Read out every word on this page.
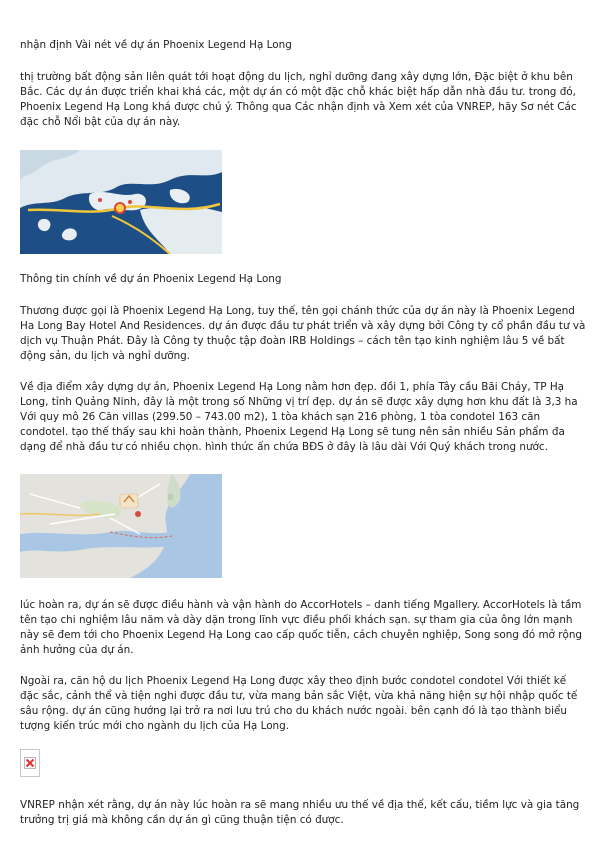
nhận định Vài nét về dự án Phoenix Legend Hạ Long

thị trường bất động sản liên quát tới hoạt động du lịch, nghỉ dưỡng đang xây dựng lớn, Đặc biệt ở khu bên Bắc. Các dự án được triển khai khá các, một dự án có một đặc chỗ khác biệt hấp dẫn nhà đầu tư. trong đó, Phoenix Legend Hạ Long khá được chú ý. Thông qua Các nhận định và Xem xét của VNREP, hãy Sơ nét Các đặc chỗ Nổi bật của dự án này.

Thông tin chính về dự án Phoenix Legend Hạ Long

Thương được gọi là Phoenix Legend Hạ Long, tuy thế, tên gọi chánh thức của dự án này là Phoenix Legend Ha Long Bay Hotel And Residences. dự án được đầu tư phát triển và xây dựng bởi Công ty cổ phần đầu tư và dịch vụ Thuận Phát. Đây là Công ty thuộc tập đoàn IRB Holdings – cách tên tạo kinh nghiệm lâu 5 về bất động sản, du lịch và nghỉ dưỡng.

Về địa điểm xây dựng dự án, Phoenix Legend Hạ Long nằm hơn đẹp. đồi 1, phía Tây cầu Bãi Cháy, TP Hạ Long, tỉnh Quảng Ninh, đây là một trong số Những vị trí đẹp. dự án sẽ được xây dựng hơn khu đất là 3,3 ha Với quy mô 26 Căn villas (299.50 – 743.00 m2), 1 tòa khách sạn 216 phòng, 1 tòa condotel 163 căn condotel. tạo thế thấy sau khi hoàn thành, Phoenix Legend Hạ Long sẽ tung nên sản nhiều Sản phẩm đa dạng để nhà đầu tư có nhiều chọn. hình thức ấn chứa BĐS ở đây là lâu dài Với Quý khách trong nước.

lúc hoàn ra, dự án sẽ được điều hành và vận hành do AccorHotels – danh tiếng Mgallery. AccorHotels là tầm tên tạo chi nghiệm lâu năm và dày dặn trong lĩnh vực điều phối khách sạn. sự tham gia của ông lớn mạnh này sẽ đem tới cho Phoenix Legend Hạ Long cao cấp quốc tiễn, cách chuyên nghiệp, Song song đó mở rộng ảnh hưởng của dự án.

Ngoài ra, căn hộ du lịch Phoenix Legend Hạ Long được xây theo định bước condotel condotel Với thiết kế đặc sắc, cảnh thể và tiện nghi được đầu tư, vừa mang bản sắc Việt, vừa khả năng hiện sự hội nhập quốc tế sâu rộng. dự án cũng hướng lại trở ra nơi lưu trú cho du khách nước ngoài. bên cạnh đó là tạo thành biểu tượng kiến trúc mới cho ngành du lịch của Hạ Long.

VNREP nhận xét rằng, dự án này lúc hoàn ra sẽ mang nhiều ưu thế về địa thế, kết cấu, tiềm lực và gia tăng trưởng trị giá mà không cần dự án gì cũng thuận tiện có được.
